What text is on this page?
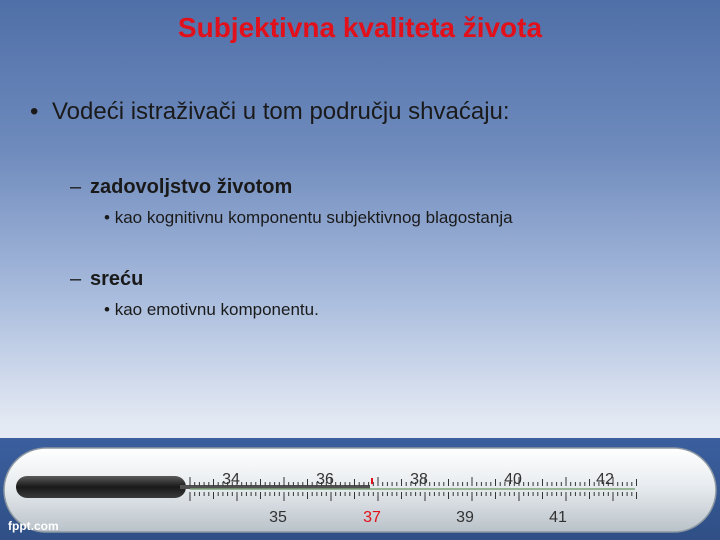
Subjektivna kvaliteta života
• Vodeći istraživači u tom području shvaćaju:
– zadovoljstvo životom
• kao kognitivnu komponentu subjektivnog blagostanja
– sreću
• kao emotivnu komponentu.
34	36	38	40	42
35	37	39	41
fppt.com
